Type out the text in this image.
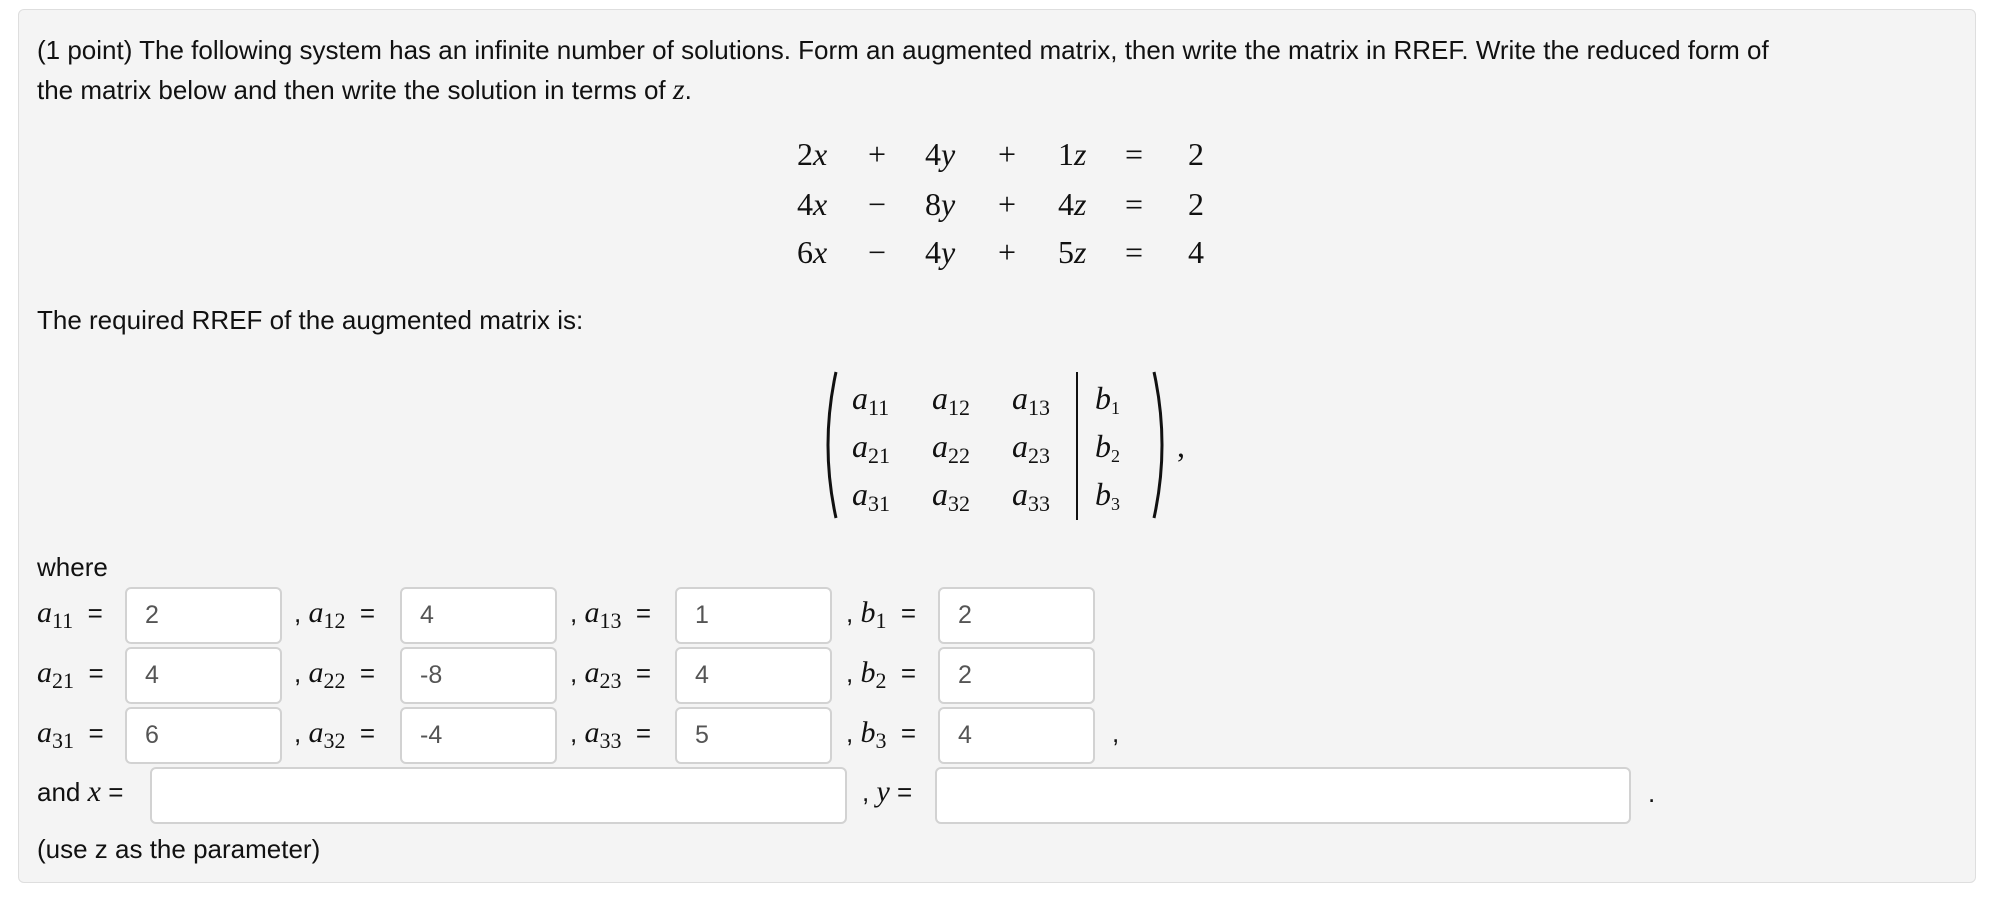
(1 point) The following system has an infinite number of solutions. Form an augmented matrix, then write the matrix in RREF. Write the reduced form of
the matrix below and then write the solution in terms of z.
2x + 4y + 1z = 2
4x − 8y + 4z = 2
6x − 4y + 5z = 4
The required RREF of the augmented matrix is:
$a_{11}$ $a_{12}$ $a_{13}$ b1
$a_{21}$ $a_{22}$ $a_{23}$ b2
$a_{31}$ $a_{32}$ $a_{33}$ b3
,
where
$a_{11}$ =	2	, $a_{12}$ =	4	, $a_{13}$ =	1	, $b_1$ =	2
$a_{21}$ =	4	, $a_{22}$ =	-8	, $a_{23}$ =	4	, $b_2$ =	2
$a_{31}$ =	6	, $a_{32}$ =	-4	, $a_{33}$ =	5	, $b_3$ =	4	,
and x =	, y =	.
(use z as the parameter)
